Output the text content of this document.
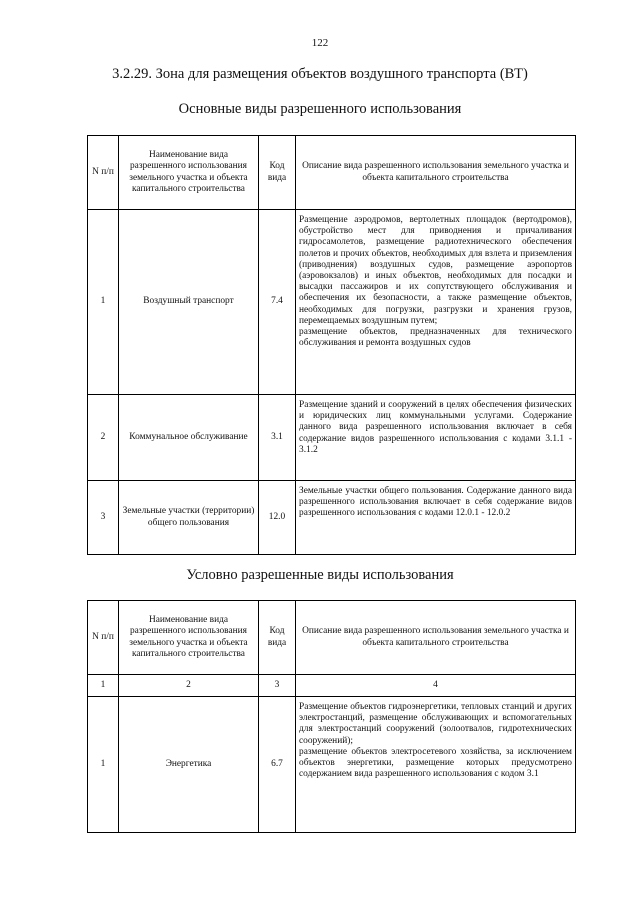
122
3.2.29. Зона для размещения объектов воздушного транспорта (ВТ)
Основные виды разрешенного использования
N п/п	Наименование вида разрешенного использования земельного участка и объекта капитального строительства	Код вида	Описание вида разрешенного использования земельного участка и объекта капитального строительства
1	Воздушный транспорт	7.4	Размещение аэродромов, вертолетных площадок (вертодромов), обустройство мест для приводнения и причаливания гидросамолетов, размещение радиотехнического обеспечения полетов и прочих объектов, необходимых для взлета и приземления (приводнения) воздушных судов, размещение аэропортов (аэровокзалов) и иных объектов, необходимых для посадки и высадки пассажиров и их сопутствующего обслуживания и обеспечения их безопасности, а также размещение объектов, необходимых для погрузки, разгрузки и хранения грузов, перемещаемых воздушным путем;
размещение объектов, предназначенных для технического обслуживания и ремонта воздушных судов

2	Коммунальное обслуживание	3.1	Размещение зданий и сооружений в целях обеспечения физических и юридических лиц коммунальными услугами. Содержание данного вида разрешенного использования включает в себя содержание видов разрешенного использования с кодами 3.1.1 - 3.1.2

3	Земельные участки (территории) общего пользования	12.0	Земельные участки общего пользования. Содержание данного вида разрешенного использования включает в себя содержание видов разрешенного использования с кодами 12.0.1 - 12.0.2
Условно разрешенные виды использования
N п/п	Наименование вида разрешенного использования земельного участка и объекта капитального строительства	Код вида	Описание вида разрешенного использования земельного участка и объекта капитального строительства
1	2	3	4
1	Энергетика	6.7	Размещение объектов гидроэнергетики, тепловых станций и других электростанций, размещение обслуживающих и вспомогательных для электростанций сооружений (золоотвалов, гидротехнических сооружений);
размещение объектов электросетевого хозяйства, за исключением объектов энергетики, размещение которых предусмотрено содержанием вида разрешенного использования с кодом 3.1
